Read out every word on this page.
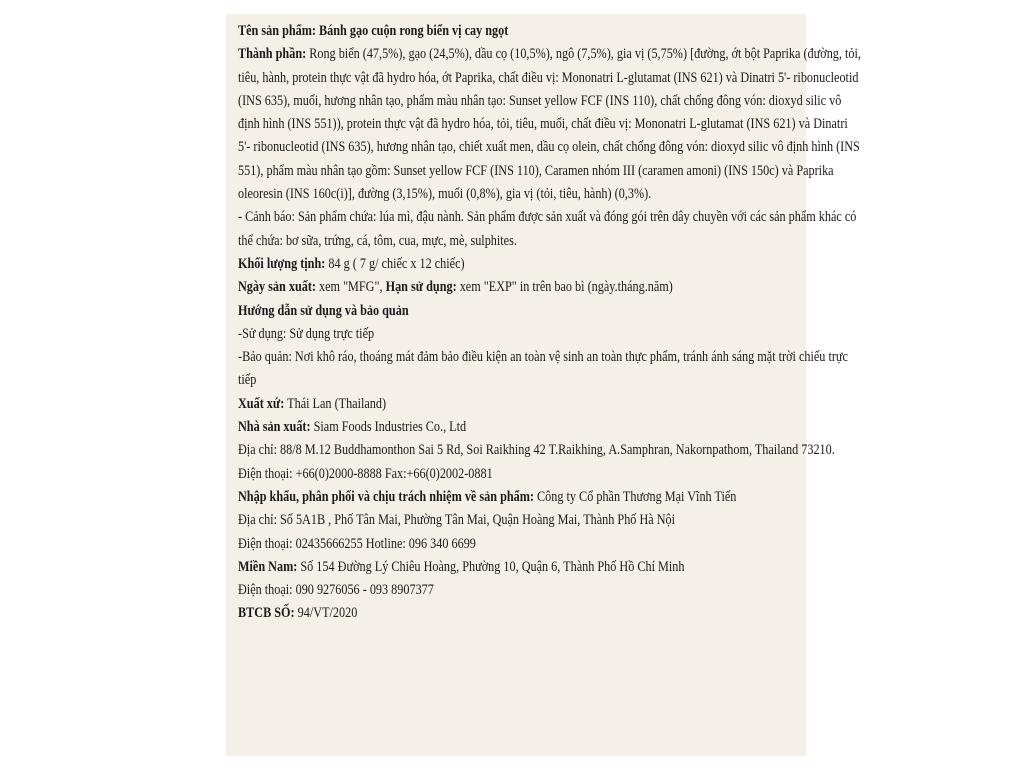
Tên sản phẩm: Bánh gạo cuộn rong biển vị cay ngọt
Thành phần: Rong biển (47,5%), gạo (24,5%), dầu cọ (10,5%), ngô (7,5%), gia vị (5,75%) [đường, ớt bột Paprika (đường, tỏi,
tiêu, hành, protein thực vật đã hydro hóa, ớt Paprika, chất điều vị: Mononatri L-glutamat (INS 621) và Dinatri 5'- ribonucleotid
(INS 635), muối, hương nhân tạo, phẩm màu nhân tạo: Sunset yellow FCF (INS 110), chất chống đông vón: dioxyd silic vô
định hình (INS 551)), protein thực vật đã hydro hóa, tỏi, tiêu, muối, chất điều vị: Mononatri L-glutamat (INS 621) và Dinatri
5'- ribonucleotid (INS 635), hương nhân tạo, chiết xuất men, dầu cọ olein, chất chống đông vón: dioxyd silic vô định hình (INS
551), phẩm màu nhân tạo gồm: Sunset yellow FCF (INS 110), Caramen nhóm III (caramen amoni) (INS 150c) và Paprika
oleoresin (INS 160c(i)], đường (3,15%), muối (0,8%), gia vị (tỏi, tiêu, hành) (0,3%).
- Cảnh báo: Sản phẩm chứa: lúa mì, đậu nành. Sản phẩm được sản xuất và đóng gói trên dây chuyền với các sản phẩm khác có
thể chứa: bơ sữa, trứng, cá, tôm, cua, mực, mè, sulphites.
Khối lượng tịnh: 84 g ( 7 g/ chiếc x 12 chiếc)
Ngày sản xuất: xem "MFG", Hạn sử dụng: xem "EXP" in trên bao bì (ngày.tháng.năm)
Hướng dẫn sử dụng và bảo quản
-Sử dụng: Sử dụng trực tiếp
-Bảo quản: Nơi khô ráo, thoáng mát đảm bảo điều kiện an toàn vệ sinh an toàn thực phẩm, tránh ánh sáng mặt trời chiếu trực
tiếp
Xuất xứ: Thái Lan (Thailand)
Nhà sản xuất: Siam Foods Industries Co., Ltd
Địa chỉ: 88/8 M.12 Buddhamonthon Sai 5 Rd, Soi Raikhing 42 T.Raikhing, A.Samphran, Nakornpathom, Thailand 73210.
Điện thoại: +66(0)2000-8888 Fax:+66(0)2002-0881
Nhập khẩu, phân phối và chịu trách nhiệm về sản phẩm: Công ty Cổ phần Thương Mại Vĩnh Tiến
Địa chỉ: Số 5A1B , Phố Tân Mai, Phường Tân Mai, Quận Hoàng Mai, Thành Phố Hà Nội
Điện thoại: 02435666255 Hotline: 096 340 6699
Miền Nam: Số 154 Đường Lý Chiêu Hoàng, Phường 10, Quận 6, Thành Phố Hồ Chí Minh
Điện thoại: 090 9276056 - 093 8907377
BTCB SỐ: 94/VT/2020
